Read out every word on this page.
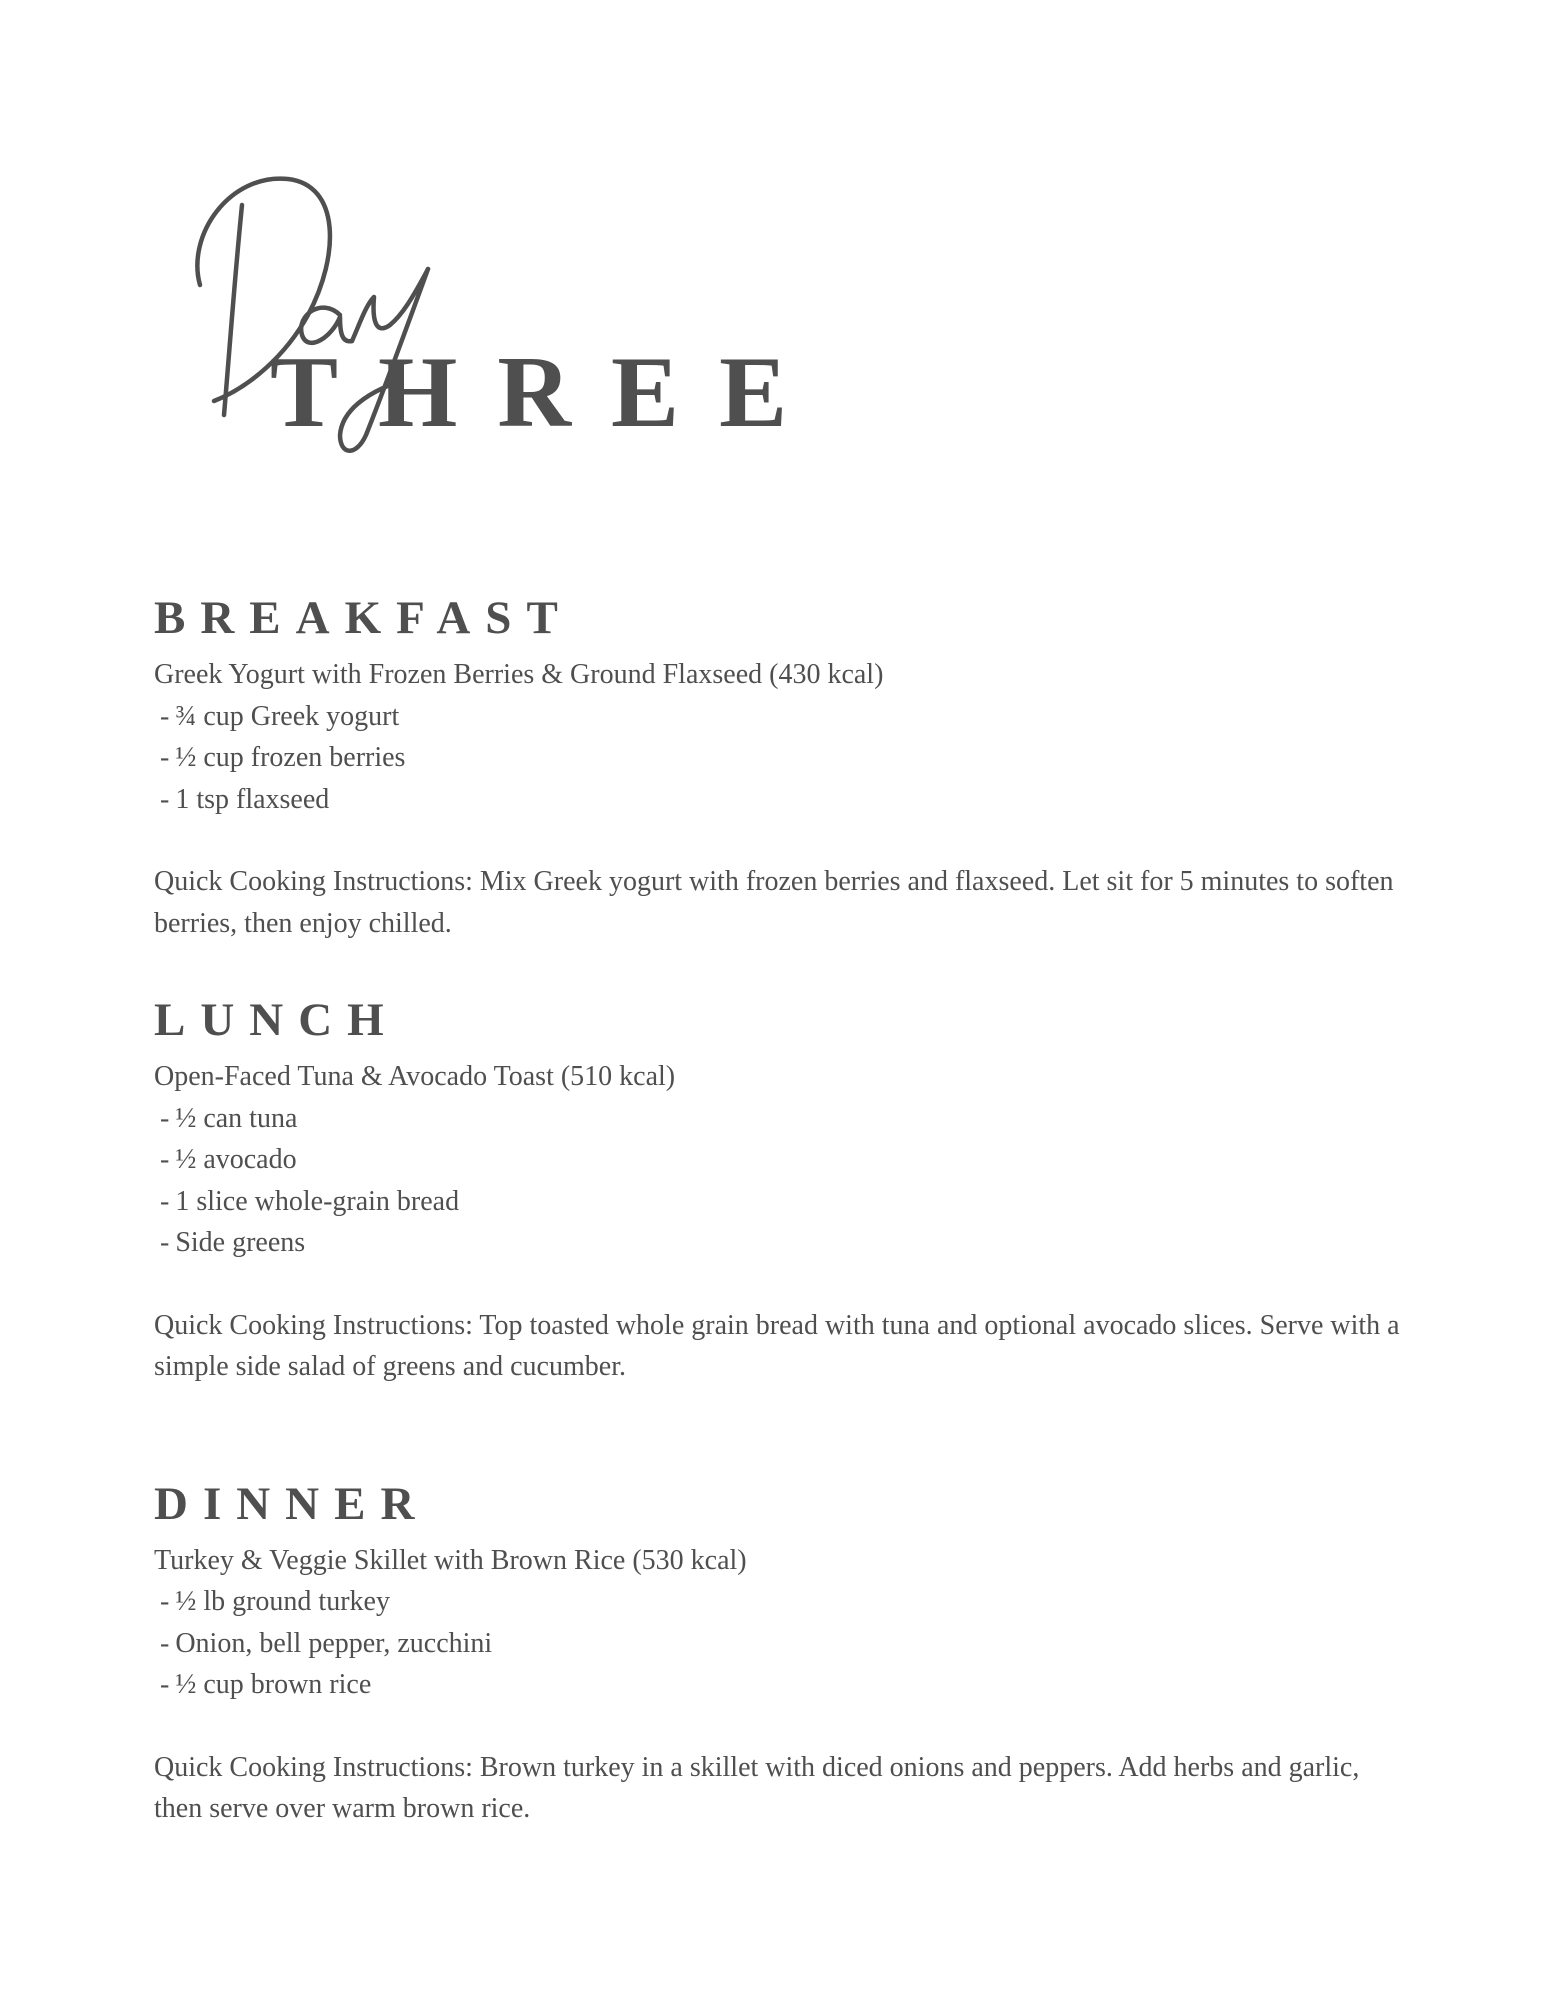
THREE
BREAKFAST

Greek Yogurt with Frozen Berries & Ground Flaxseed (430 kcal)

- ¾ cup Greek yogurt
- ½ cup frozen berries
- 1 tsp flaxseed

Quick Cooking Instructions: Mix Greek yogurt with frozen berries and flaxseed. Let sit for 5 minutes to soften berries, then enjoy chilled.

LUNCH

Open-Faced Tuna & Avocado Toast (510 kcal)

- ½ can tuna
- ½ avocado
- 1 slice whole-grain bread
- Side greens

Quick Cooking Instructions: Top toasted whole grain bread with tuna and optional avocado slices. Serve with a simple side salad of greens and cucumber.

DINNER

Turkey & Veggie Skillet with Brown Rice (530 kcal)

- ½ lb ground turkey
- Onion, bell pepper, zucchini
- ½ cup brown rice

Quick Cooking Instructions: Brown turkey in a skillet with diced onions and peppers. Add herbs and garlic, then serve over warm brown rice.
